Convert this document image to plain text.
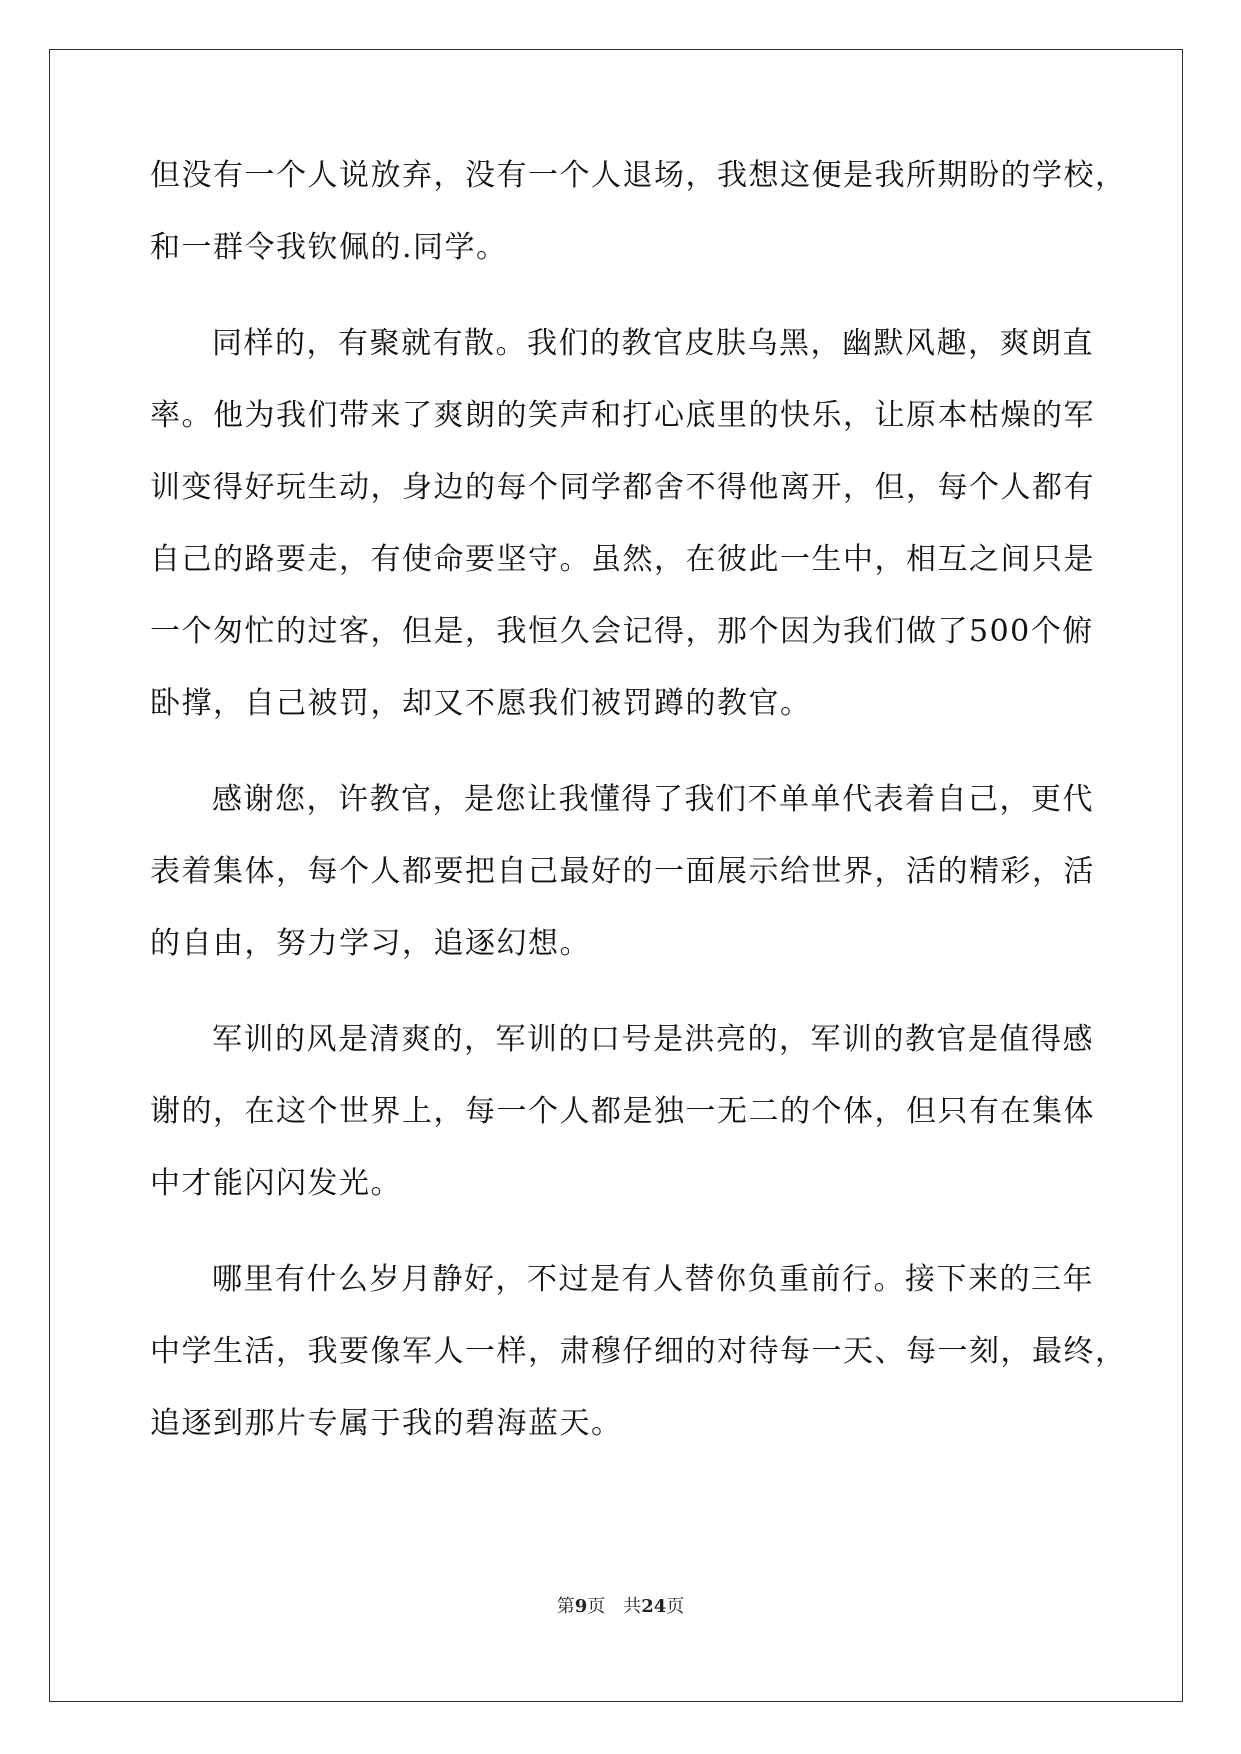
但没有一个人说放弃，没有一个人退场，我想这便是我所期盼的学校，
和一群令我钦佩的.同学。
同样的，有聚就有散。我们的教官皮肤乌黑，幽默风趣，爽朗直
率。他为我们带来了爽朗的笑声和打心底里的快乐，让原本枯燥的军
训变得好玩生动，身边的每个同学都舍不得他离开，但，每个人都有
自己的路要走，有使命要坚守。虽然，在彼此一生中，相互之间只是
一个匆忙的过客，但是，我恒久会记得，那个因为我们做了500个俯
卧撑，自己被罚，却又不愿我们被罚蹲的教官。
感谢您，许教官，是您让我懂得了我们不单单代表着自己，更代
表着集体，每个人都要把自己最好的一面展示给世界，活的精彩，活
的自由，努力学习，追逐幻想。
军训的风是清爽的，军训的口号是洪亮的，军训的教官是值得感
谢的，在这个世界上，每一个人都是独一无二的个体，但只有在集体
中才能闪闪发光。
哪里有什么岁月静好，不过是有人替你负重前行。接下来的三年
中学生活，我要像军人一样，肃穆仔细的对待每一天、每一刻，最终，
追逐到那片专属于我的碧海蓝天。
第9页 共24页
